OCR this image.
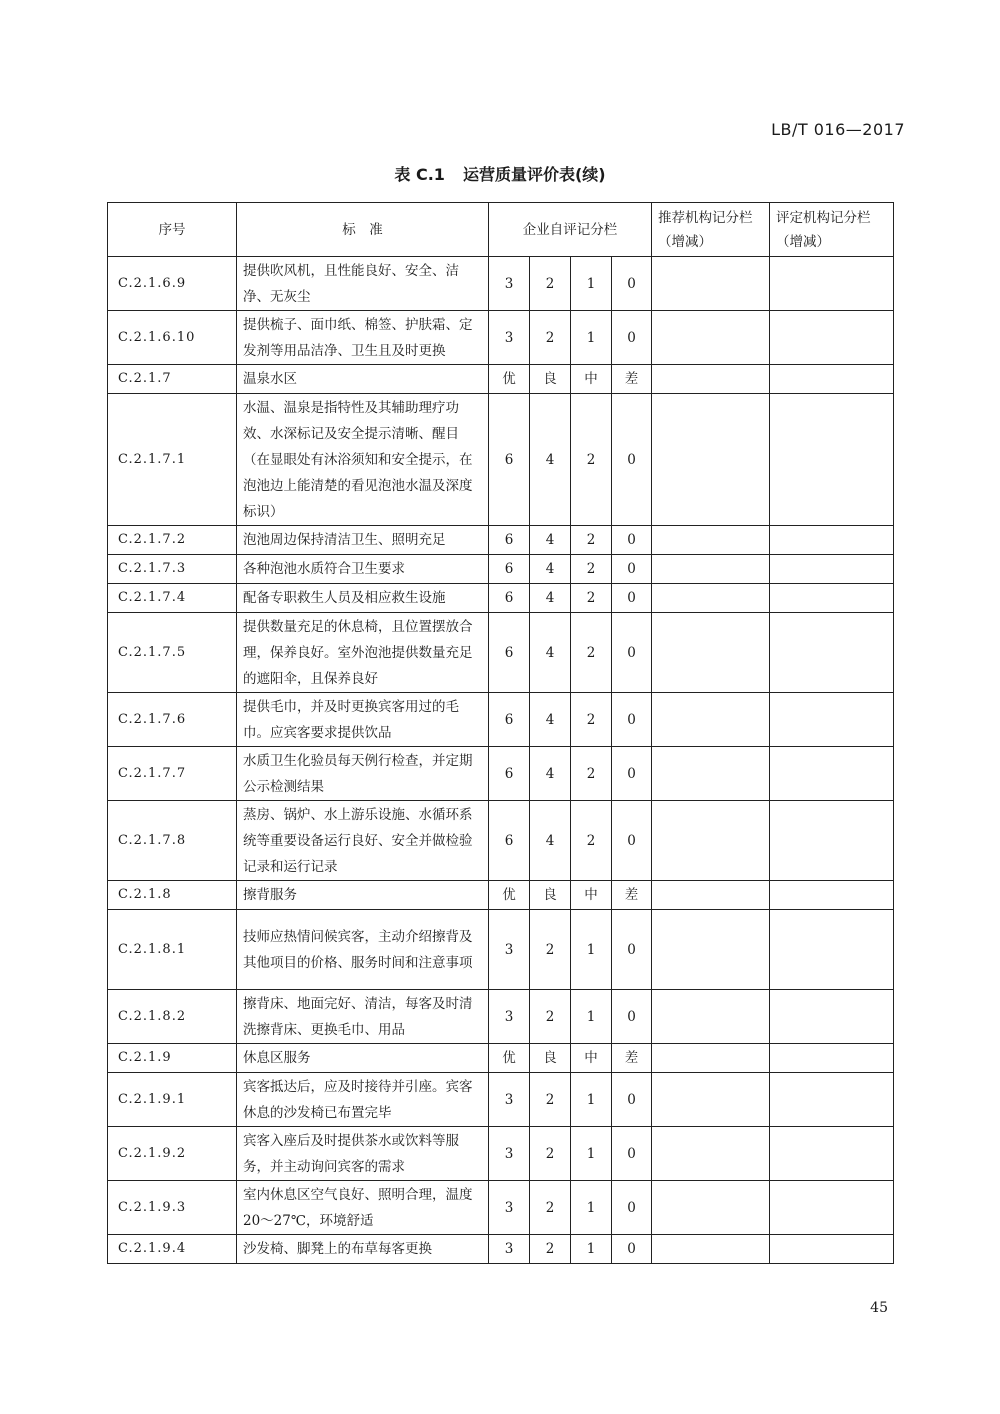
LB/T 016—2017
表 C.1 运营质量评价表(续)
序号	标　准	企业自评记分栏				推荐机构记分栏（增减）	评定机构记分栏（增减）
C.2.1.6.9	提供吹风机，且性能良好、安全、洁净、无灰尘	3	2	1	0		
C.2.1.6.10	提供梳子、面巾纸、棉签、护肤霜、定发剂等用品洁净、卫生且及时更换	3	2	1	0		
C.2.1.7	温泉水区	优	良	中	差		
C.2.1.7.1	水温、温泉是指特性及其辅助理疗功效、水深标记及安全提示清晰、醒目（在显眼处有沐浴须知和安全提示，在泡池边上能清楚的看见泡池水温及深度标识）	6	4	2	0		
C.2.1.7.2	泡池周边保持清洁卫生、照明充足	6	4	2	0		
C.2.1.7.3	各种泡池水质符合卫生要求	6	4	2	0		
C.2.1.7.4	配备专职救生人员及相应救生设施	6	4	2	0		
C.2.1.7.5	提供数量充足的休息椅，且位置摆放合理，保养良好。室外泡池提供数量充足的遮阳伞，且保养良好	6	4	2	0		
C.2.1.7.6	提供毛巾，并及时更换宾客用过的毛巾。应宾客要求提供饮品	6	4	2	0		
C.2.1.7.7	水质卫生化验员每天例行检查，并定期公示检测结果	6	4	2	0		
C.2.1.7.8	蒸房、锅炉、水上游乐设施、水循环系统等重要设备运行良好、安全并做检验记录和运行记录	6	4	2	0		
C.2.1.8	擦背服务	优	良	中	差		
C.2.1.8.1	技师应热情问候宾客，主动介绍擦背及其他项目的价格、服务时间和注意事项	3	2	1	0		
C.2.1.8.2	擦背床、地面完好、清洁，每客及时清洗擦背床、更换毛巾、用品	3	2	1	0		
C.2.1.9	休息区服务	优	良	中	差		
C.2.1.9.1	宾客抵达后，应及时接待并引座。宾客休息的沙发椅已布置完毕	3	2	1	0		
C.2.1.9.2	宾客入座后及时提供茶水或饮料等服务，并主动询问宾客的需求	3	2	1	0		
C.2.1.9.3	室内休息区空气良好、照明合理，温度 20～27℃，环境舒适	3	2	1	0		
C.2.1.9.4	沙发椅、脚凳上的布草每客更换	3	2	1	0		
45
